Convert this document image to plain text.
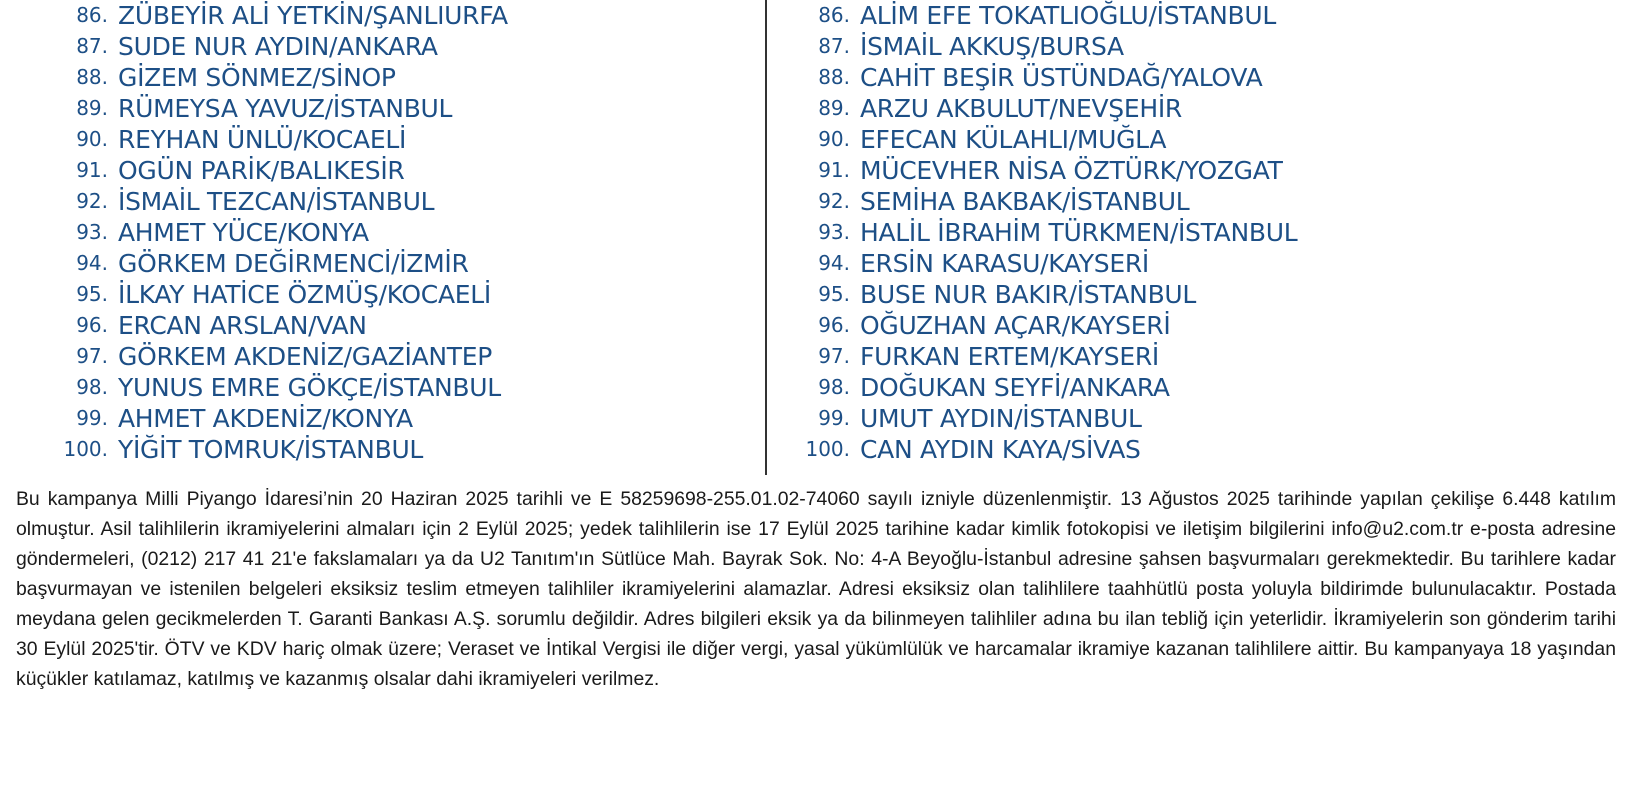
86. ZÜBEYİR ALİ YETKİN/ŞANLIURFA
87. SUDE NUR AYDIN/ANKARA
88. GİZEM SÖNMEZ/SİNOP
89. RÜMEYSA YAVUZ/İSTANBUL
90. REYHAN ÜNLÜ/KOCAELİ
91. OGÜN PARİK/BALIKESİR
92. İSMAİL TEZCAN/İSTANBUL
93. AHMET YÜCE/KONYA
94. GÖRKEM DEĞİRMENCİ/İZMİR
95. İLKAY HATİCE ÖZMÜŞ/KOCAELİ
96. ERCAN ARSLAN/VAN
97. GÖRKEM AKDENİZ/GAZİANTEP
98. YUNUS EMRE GÖKÇE/İSTANBUL
99. AHMET AKDENİZ/KONYA
100. YİĞİT TOMRUK/İSTANBUL
86. ALİM EFE TOKATLIOĞLU/İSTANBUL
87. İSMAİL AKKUŞ/BURSA
88. CAHİT BEŞİR ÜSTÜNDAĞ/YALOVA
89. ARZU AKBULUT/NEVŞEHİR
90. EFECAN KÜLAHLI/MUĞLA
91. MÜCEVHER NİSA ÖZTÜRK/YOZGAT
92. SEMİHA BAKBAK/İSTANBUL
93. HALİL İBRAHİM TÜRKMEN/İSTANBUL
94. ERSİN KARASU/KAYSERİ
95. BUSE NUR BAKIR/İSTANBUL
96. OĞUZHAN AÇAR/KAYSERİ
97. FURKAN ERTEM/KAYSERİ
98. DOĞUKAN SEYFİ/ANKARA
99. UMUT AYDIN/İSTANBUL
100. CAN AYDIN KAYA/SİVAS

Bu kampanya Milli Piyango İdaresi’nin 20 Haziran 2025 tarihli ve E 58259698-255.01.02-74060 sayılı izniyle düzenlenmiştir. 13 Ağustos 2025 tarihinde yapılan çekilişe 6.448 katılım olmuştur. Asil talihlilerin ikramiyelerini almaları için 2 Eylül 2025; yedek talihlilerin ise 17 Eylül 2025 tarihine kadar kimlik fotokopisi ve iletişim bilgilerini info@u2.com.tr e-posta adresine göndermeleri, (0212) 217 41 21'e fakslamaları ya da U2 Tanıtım'ın Sütlüce Mah. Bayrak Sok. No: 4-A Beyoğlu-İstanbul adresine şahsen başvurmaları gerekmektedir. Bu tarihlere kadar başvurmayan ve istenilen belgeleri eksiksiz teslim etmeyen talihliler ikramiyelerini alamazlar. Adresi eksiksiz olan talihlilere taahhütlü posta yoluyla bildirimde bulunulacaktır. Postada meydana gelen gecikmelerden T. Garanti Bankası A.Ş. sorumlu değildir. Adres bilgileri eksik ya da bilinmeyen talihliler adına bu ilan tebliğ için yeterlidir. İkramiyelerin son gönderim tarihi 30 Eylül 2025'tir. ÖTV ve KDV hariç olmak üzere; Veraset ve İntikal Vergisi ile diğer vergi, yasal yükümlülük ve harcamalar ikramiye kazanan talihlilere aittir. Bu kampanyaya 18 yaşından küçükler katılamaz, katılmış ve kazanmış olsalar dahi ikramiyeleri verilmez.
